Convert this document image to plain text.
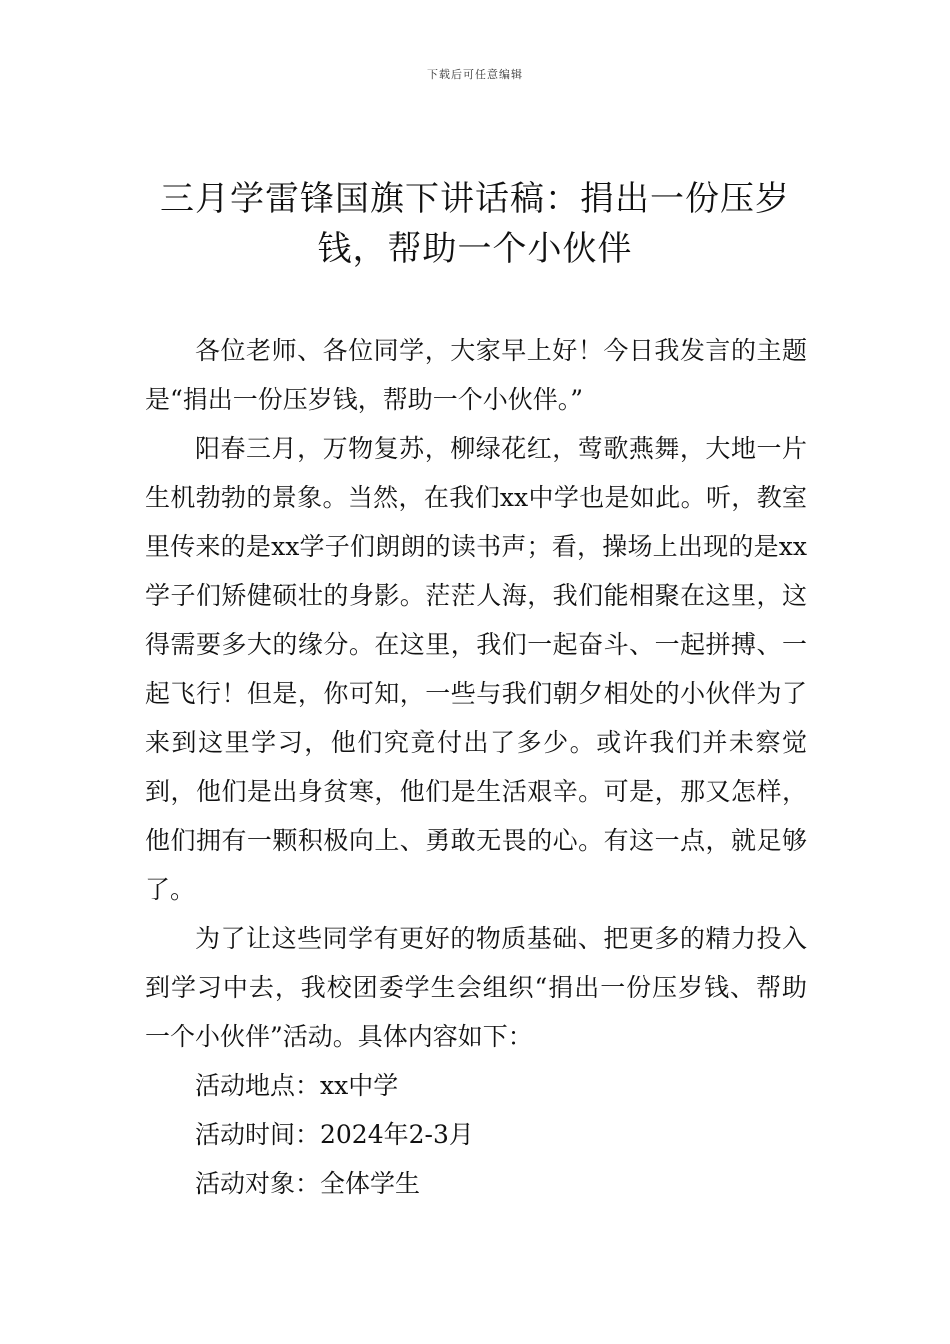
下载后可任意编辑
三月学雷锋国旗下讲话稿：捐出一份压岁
钱，帮助一个小伙伴

各位老师、各位同学，大家早上好！今日我发言的主题是“捐出一份压岁钱，帮助一个小伙伴。”

阳春三月，万物复苏，柳绿花红，莺歌燕舞，大地一片生机勃勃的景象。当然，在我们xx中学也是如此。听，教室里传来的是xx学子们朗朗的读书声；看，操场上出现的是xx学子们矫健硕壮的身影。茫茫人海，我们能相聚在这里，这得需要多大的缘分。在这里，我们一起奋斗、一起拼搏、一起飞行！但是，你可知，一些与我们朝夕相处的小伙伴为了来到这里学习，他们究竟付出了多少。或许我们并未察觉到，他们是出身贫寒，他们是生活艰辛。可是，那又怎样，他们拥有一颗积极向上、勇敢无畏的心。有这一点，就足够了。

为了让这些同学有更好的物质基础、把更多的精力投入到学习中去，我校团委学生会组织“捐出一份压岁钱、帮助一个小伙伴”活动。具体内容如下：

活动地点：xx中学

活动时间：2024年2-3月

活动对象：全体学生
